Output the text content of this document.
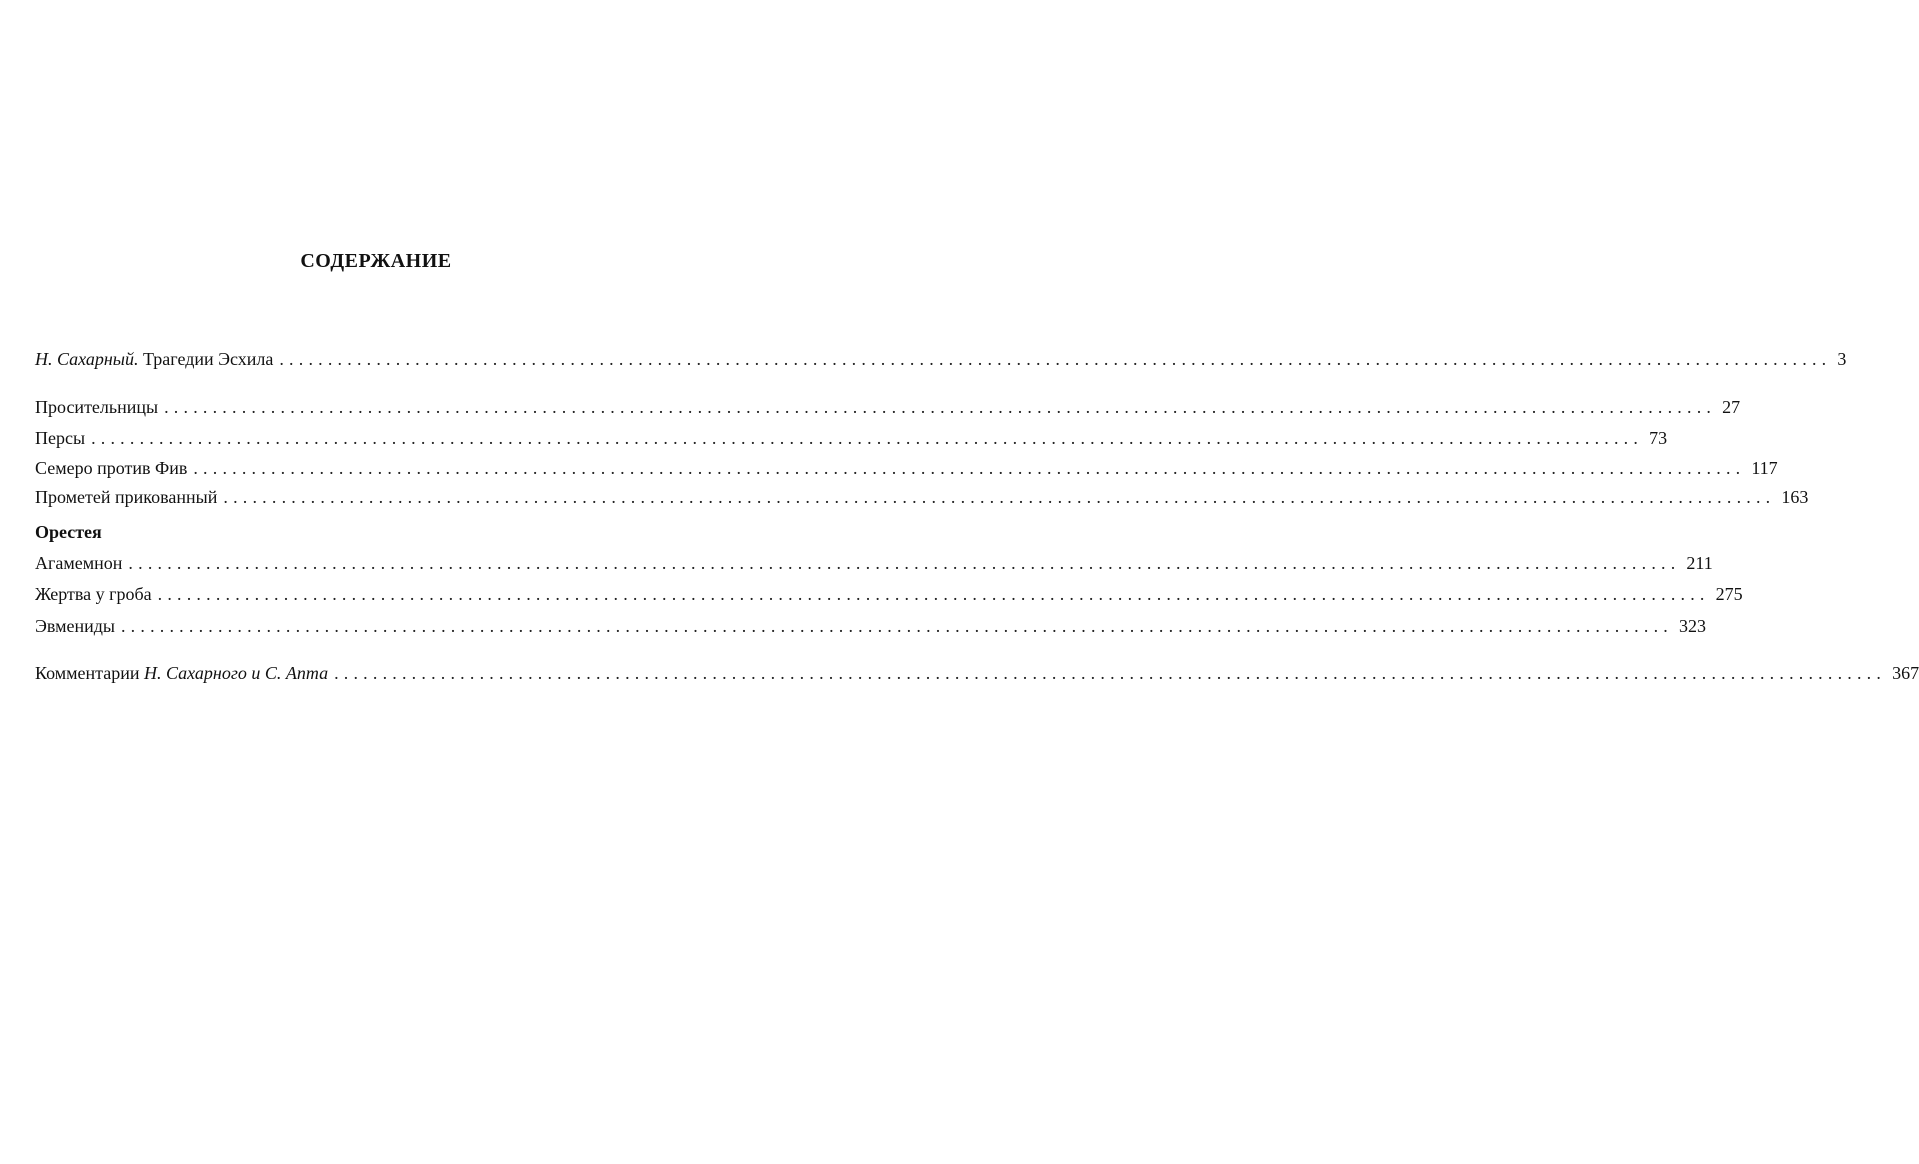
СОДЕРЖАНИЕ
Н. Сахарный. Трагедии Эсхила ................................................................................................................................................................ 3
Просительницы ................................................................................................................................................................ 27
Персы ................................................................................................................................................................ 73
Семеро против Фив ................................................................................................................................................................ 117
Прометей прикованный ................................................................................................................................................................ 163
Орестея
Агамемнон ................................................................................................................................................................ 211
Жертва у гроба ................................................................................................................................................................ 275
Эвмениды ................................................................................................................................................................ 323
Комментарии Н. Сахарного и С. Апта ................................................................................................................................................................ 367
